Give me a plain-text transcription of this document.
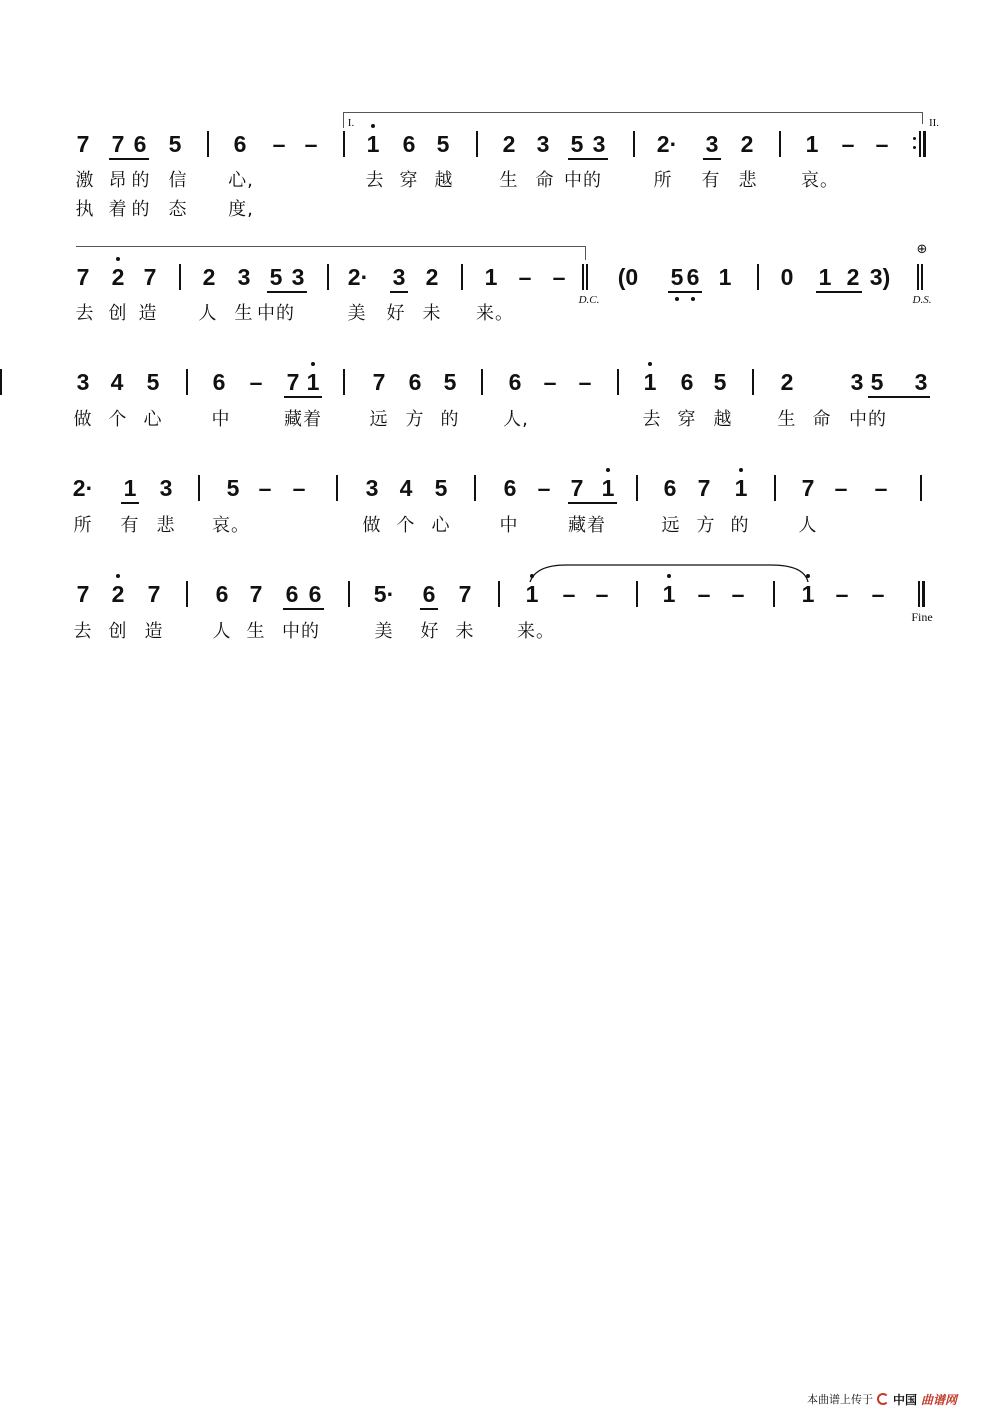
7 7 6 5 6 – – 1 6 5 2 3 5 3 2· 3 2 1 – –
激 昂 的 信 心,	去 穿 越	生 命 中的	所 有 悲 哀。
执 着 的 态 度,
7 2 7 2 3 5 3 2· 3 2 1 – – (0 5 6 1 0 1 2 3)
去 创 造 人 生 中的	美 好 未 来。
3 4 5 6 – 7 1 7 6 5 6 – – 1 6 5 2 3 5 3
做 个 心	中	藏着	远 方 的 人,	去 穿 越	生 命 中的
2· 1 3 5 – –	3 4 5 6 – 7 1 6 7 1 7 – –
所 有 悲 哀。	做 个 心	中	藏着	远 方 的	人
7 2 7 6 7 6 6 5· 6 7 1 – – 1 – – 1 – –
去 创 造	人 生 中的	美 好 未 来。
I.	II.
D.C.	D.S.
⊕
Fine
本曲谱上传于 中国 曲谱网
